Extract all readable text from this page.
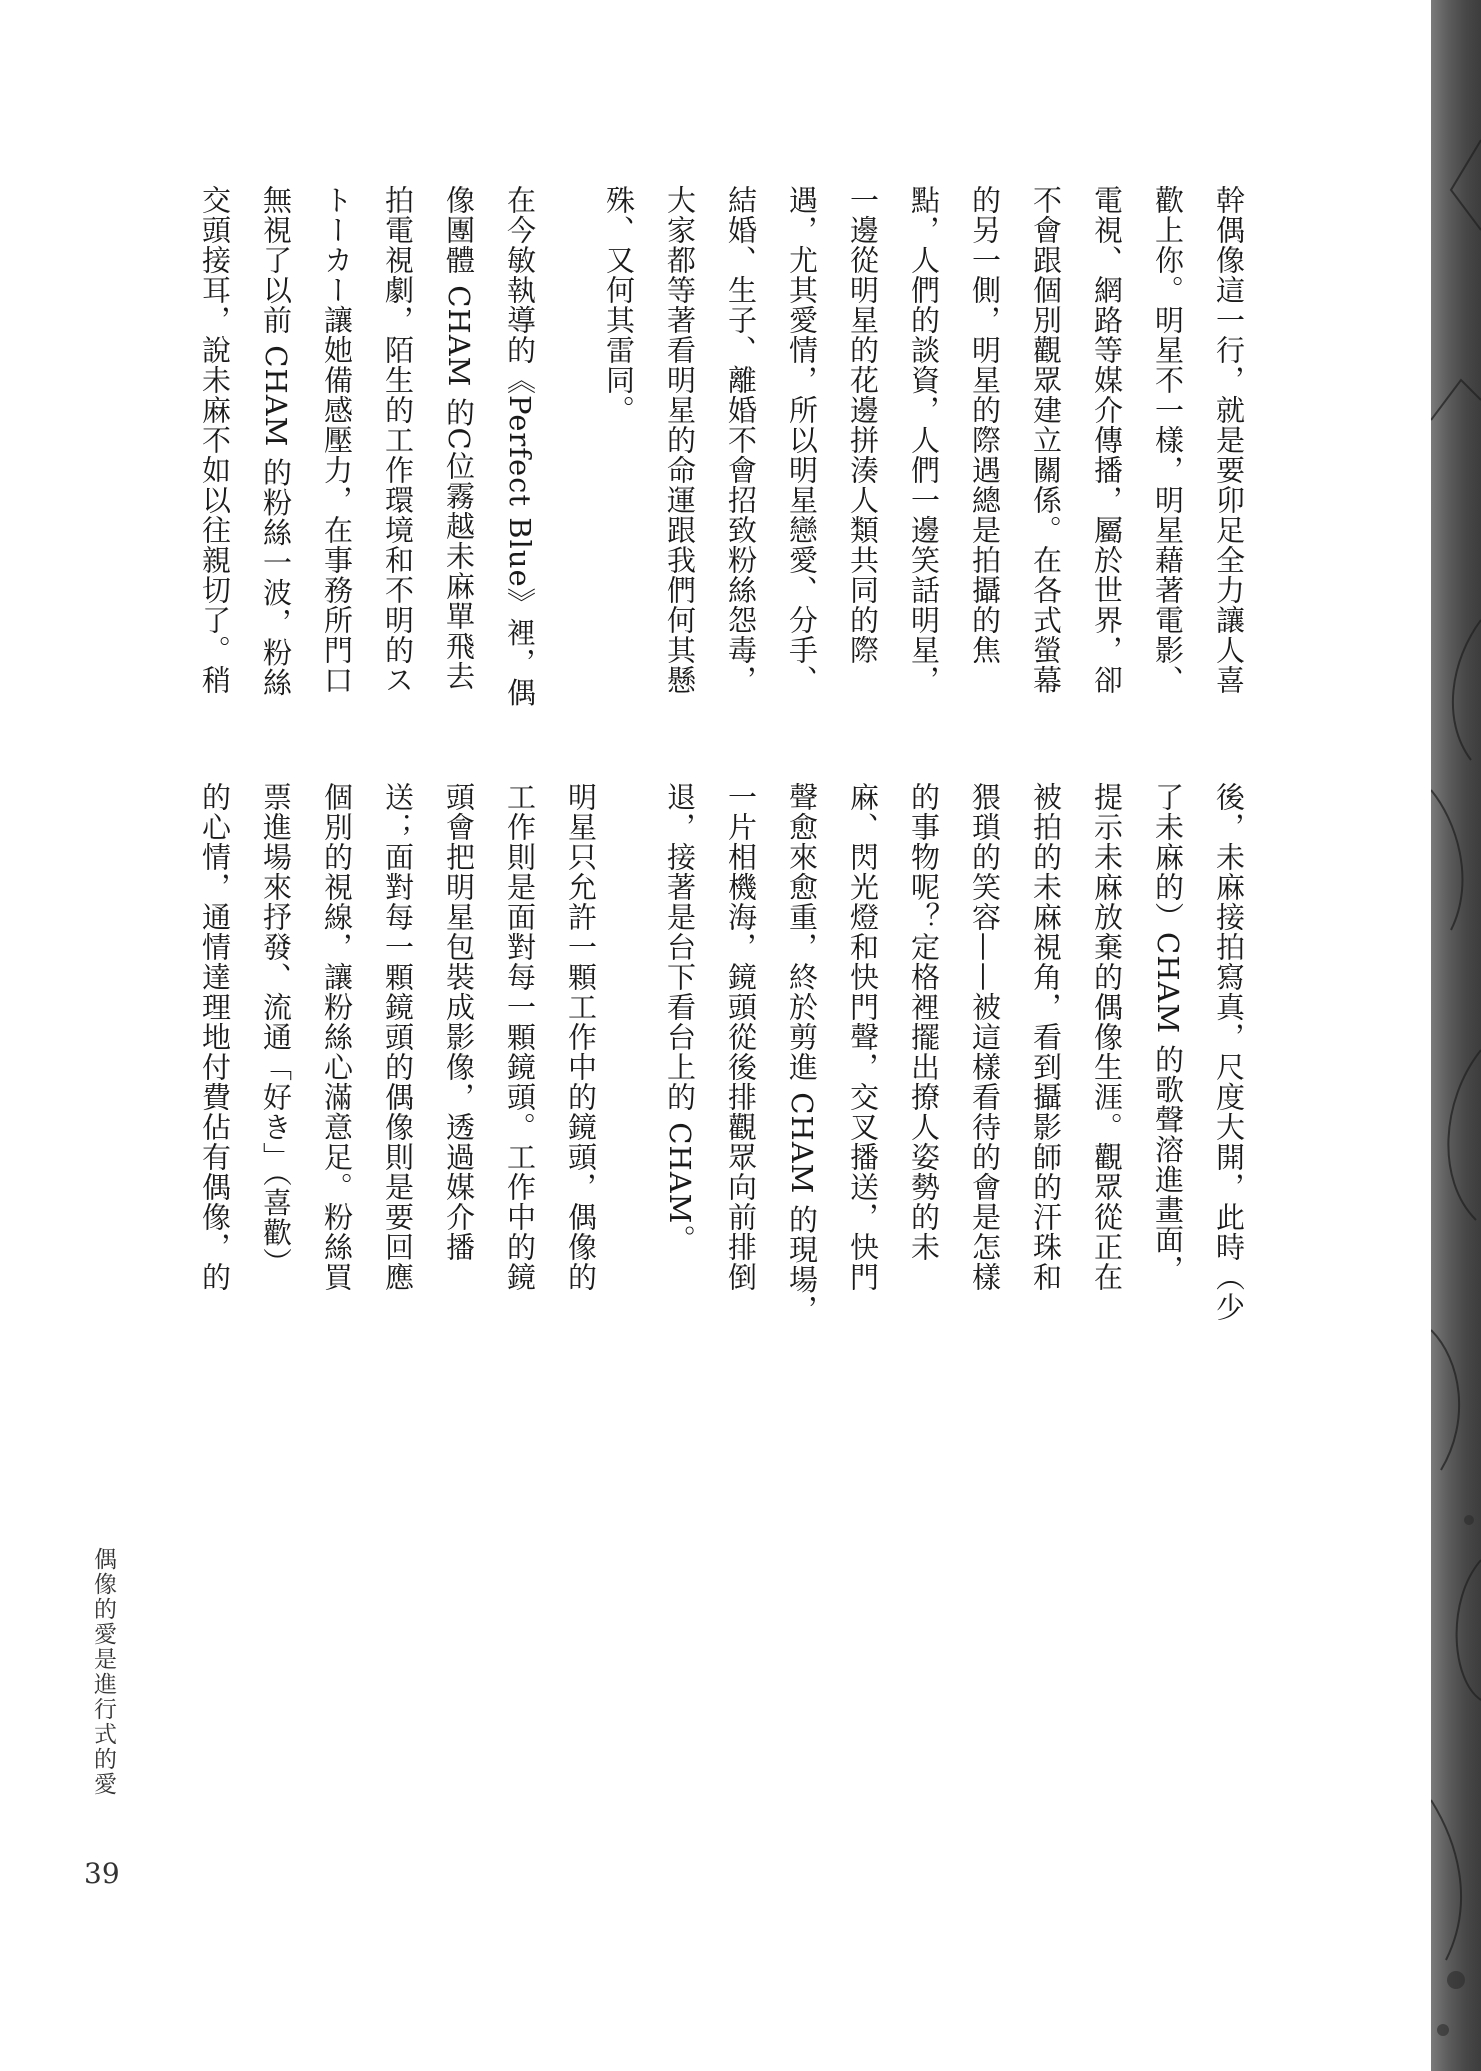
幹偶像這一行，就是要卯足全力讓人喜
歡上你。明星不一樣，明星藉著電影、
電視、網路等媒介傳播，屬於世界，卻
不會跟個別觀眾建立關係。在各式螢幕
的另一側，明星的際遇總是拍攝的焦
點，人們的談資，人們一邊笑話明星，
一邊從明星的花邊拼湊人類共同的際
遇，尤其愛情，所以明星戀愛、分手、
結婚、生子、離婚不會招致粉絲怨毒，
大家都等著看明星的命運跟我們何其懸
殊、又何其雷同。
在今敏執導的《Perfect Blue》裡，偶
像團體 CHAM 的C位霧越未麻單飛去
拍電視劇，陌生的工作環境和不明的ス
トーカー讓她備感壓力，在事務所門口
無視了以前 CHAM 的粉絲一波，粉絲
交頭接耳，說未麻不如以往親切了。稍
後，未麻接拍寫真，尺度大開，此時（少
了未麻的）CHAM 的歌聲溶進畫面，
提示未麻放棄的偶像生涯。觀眾從正在
被拍的未麻視角，看到攝影師的汗珠和
猥瑣的笑容——被這樣看待的會是怎樣
的事物呢？定格裡擺出撩人姿勢的未
麻、閃光燈和快門聲，交叉播送，快門
聲愈來愈重，終於剪進 CHAM 的現場，
一片相機海，鏡頭從後排觀眾向前排倒
退，接著是台下看台上的 CHAM。
明星只允許一顆工作中的鏡頭，偶像的
工作則是面對每一顆鏡頭。工作中的鏡
頭會把明星包裝成影像，透過媒介播
送；面對每一顆鏡頭的偶像則是要回應
個別的視線，讓粉絲心滿意足。粉絲買
票進場來抒發、流通「好き」（喜歡）
的心情，通情達理地付費佔有偶像，的
偶像的愛是進行式的愛
39
